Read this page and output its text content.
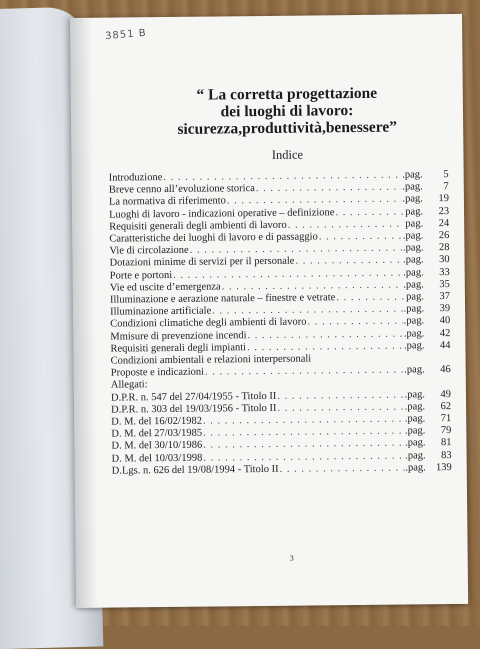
3851 B
“ La corretta progettazione
dei luoghi di lavoro:
sicurezza,produttività,benessere”
Indice
Introduzione . . .	.pag.	5
Breve cenno all’evoluzione storica . . .	.pag.	7
La normativa di riferimento . . .	.pag.	19
Luoghi di lavoro - indicazioni operative – definizione . . .	pag.	23
Requisiti generali degli ambienti di lavoro . . .	pag.	24
Caratteristiche dei luoghi di lavoro e di passaggio . . .	.pag.	26
Vie di circolazione . . .	.pag.	28
Dotazioni minime di servizi per il personale . . .	.pag.	30
Porte e portoni . . .	.pag.	33
Vie ed uscite d’emergenza . . .	.pag.	35
Illuminazione e aerazione naturale – finestre e vetrate . . .	pag.	37
Illuminazione artificiale . . .	.pag.	39
Condizioni climatiche degli ambienti di lavoro . . .	.pag.	40
Mmisure di prevenzione incendi . . .	.pag.	42
Requisiti generali degli impianti . . .	.pag.	44
Condizioni ambientali e relazioni interpersonali
Proposte e indicazioni . . .	.pag.	46
Allegati:
D.P.R. n. 547 del 27/04/1955 - Titolo II . . .	.pag.	49
D.P.R. n. 303 del 19/03/1956 - Titolo II . . .	.pag.	62
D. M. del 16/02/1982 . . .	.pag.	71
D. M. del 27/03/1985 . . .	.pag.	79
D. M. del 30/10/1986 . . .	.pag.	81
D. M. del 10/03/1998 . . .	.pag.	83
D.Lgs. n. 626 del 19/08/1994 - Titolo II . . .	.pag. 139
3
